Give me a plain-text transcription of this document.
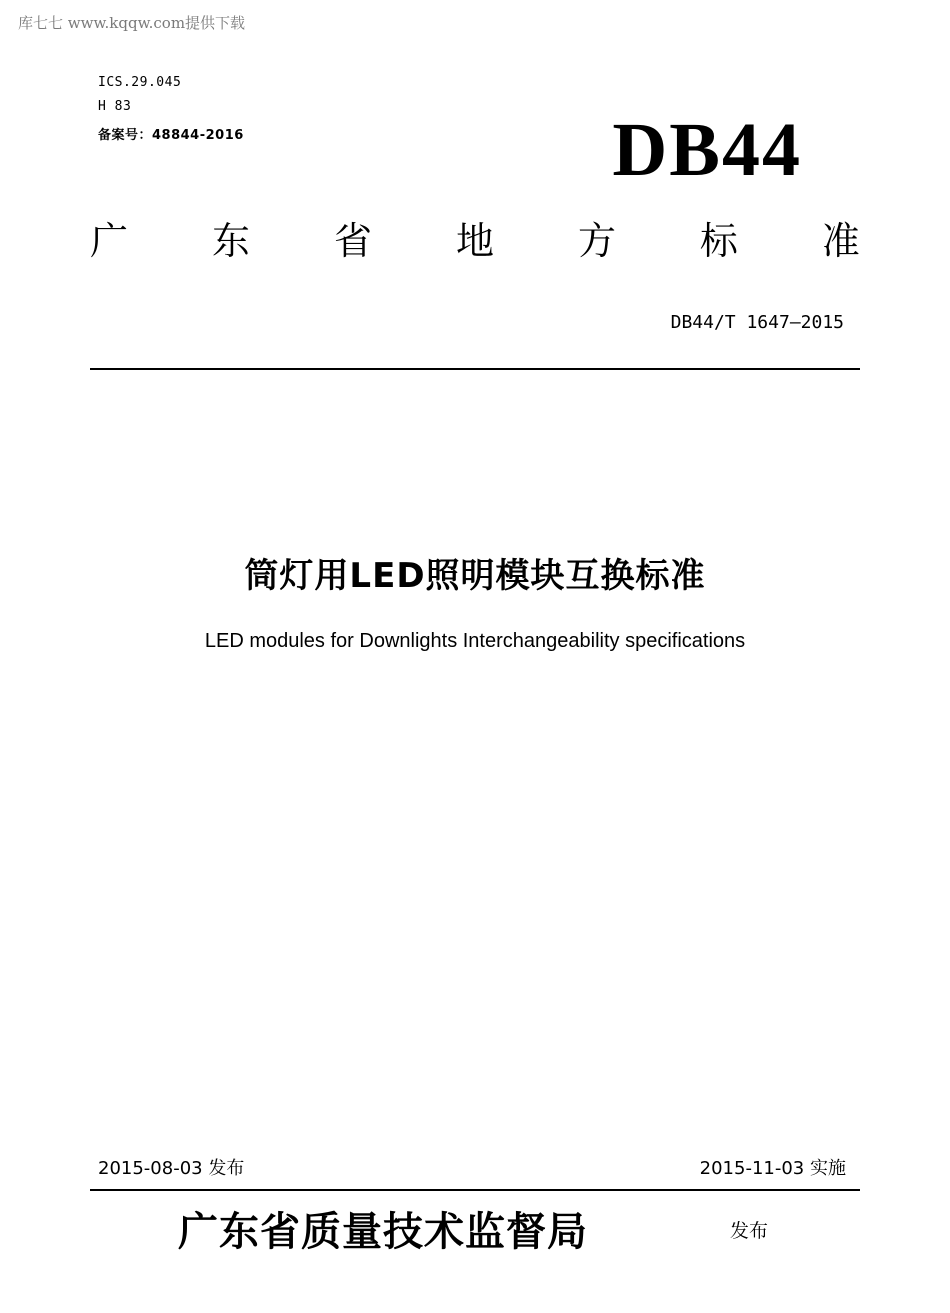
库七七 www.kqqw.com提供下载
ICS.29.045
H 83
备案号：48844-2016	DB44
广 东 省 地 方 标 准
DB44/T 1647—2015
筒灯用LED照明模块互换标准
LED modules for Downlights Interchangeability specifications
2015-08-03 发布	2015-11-03 实施
广东省质量技术监督局	发布
